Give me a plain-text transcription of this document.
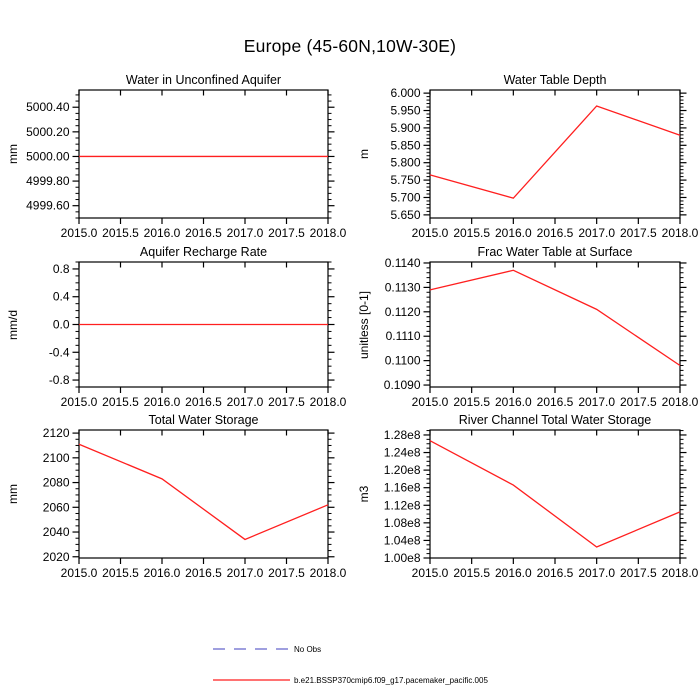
Europe (45-60N,10W-30E)
Water in Unconfined Aquifer
mm
2015.0 2015.5 2016.0 2016.5 2017.0 2017.5 2018.0
5000.40
5000.20
5000.00
4999.80
4999.60
Water Table Depth
m
2015.0 2015.5 2016.0 2016.5 2017.0 2017.5 2018.0
6.000
5.950
5.900
5.850
5.800
5.750
5.700
5.650
Aquifer Recharge Rate
mm/d
2015.0 2015.5 2016.0 2016.5 2017.0 2017.5 2018.0
0.8
0.4
0.0
-0.4
-0.8
Frac Water Table at Surface
unitless [0-1]
2015.0 2015.5 2016.0 2016.5 2017.0 2017.5 2018.0
0.1140
0.1130
0.1120
0.1110
0.1100
0.1090
Total Water Storage
mm
2015.0 2015.5 2016.0 2016.5 2017.0 2017.5 2018.0
2120
2100
2080
2060
2040
2020
River Channel Total Water Storage
m3
2015.0 2015.5 2016.0 2016.5 2017.0 2017.5 2018.0
1.28e8
1.24e8
1.20e8
1.16e8
1.12e8
1.08e8
1.04e8
1.00e8
No Obs
b.e21.BSSP370cmip6.f09_g17.pacemaker_pacific.005
